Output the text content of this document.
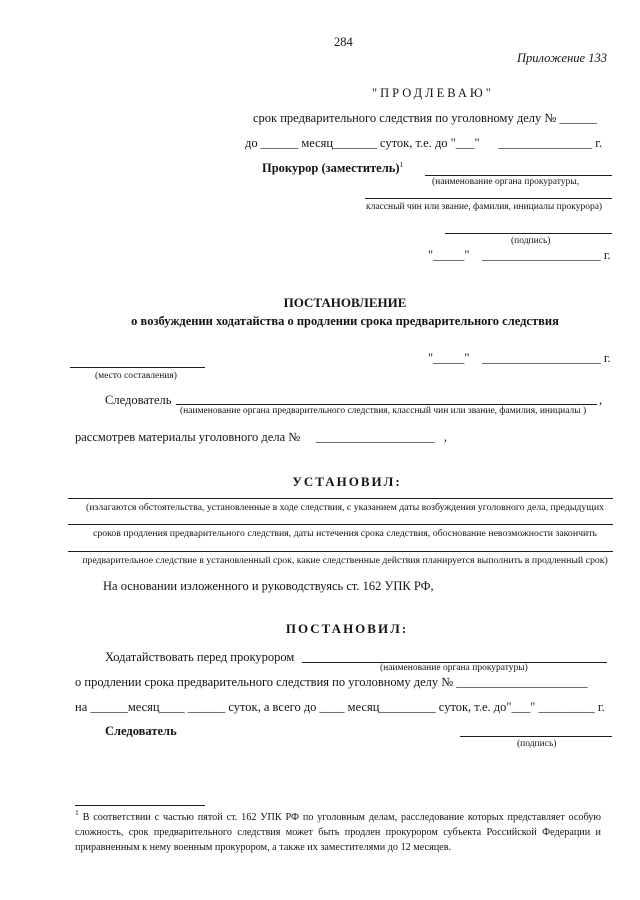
284
Приложение 133
"ПРОДЛЕВАЮ"
срок предварительного следствия по уголовному делу № ______
до ______ месяц_______ суток, т.е. до "___"      _______________ г.
Прокурор (заместитель)$^1$
(наименование органа прокуратуры,
классный чин или звание, фамилия, инициалы прокурора)
(подпись)
"_____"    ___________________ г.
ПОСТАНОВЛЕНИЕ
о возбуждении ходатайства о продлении срока предварительного следствия
"_____"    ___________________ г.
(место составления)
Следователь	,
(наименование органа предварительного следствия, классный чин или звание, фамилия, инициалы )
рассмотрев материалы уголовного дела №     ___________________   ,
УСТАНОВИЛ:
(излагаются обстоятельства, установленные в ходе следствия, с указанием даты возбуждения уголовного дела, предыдущих
сроков продления предварительного следствия, даты истечения срока следствия, обоснование невозможности закончить
предварительное следствие в установленный срок, какие следственные действия планируется выполнить в продленный срок)
На основании изложенного и руководствуясь ст. 162 УПК РФ,
ПОСТАНОВИЛ:
Ходатайствовать перед прокурором
(наименование органа прокуратуры)
о продлении срока предварительного следствия по уголовному делу № _____________________
на ______месяц____ ______ суток, а всего до ____ месяц_________ суток, т.е. до"___" _________ г.
Следователь
(подпись)
$^1$ В соответствии с частью пятой ст. 162 УПК РФ по уголовным делам, расследование которых представляет особую
сложность, срок предварительного следствия может быть продлен прокурором субъекта Российской Федерации и
приравненным к нему военным прокурором, а также их заместителями до 12 месяцев.
